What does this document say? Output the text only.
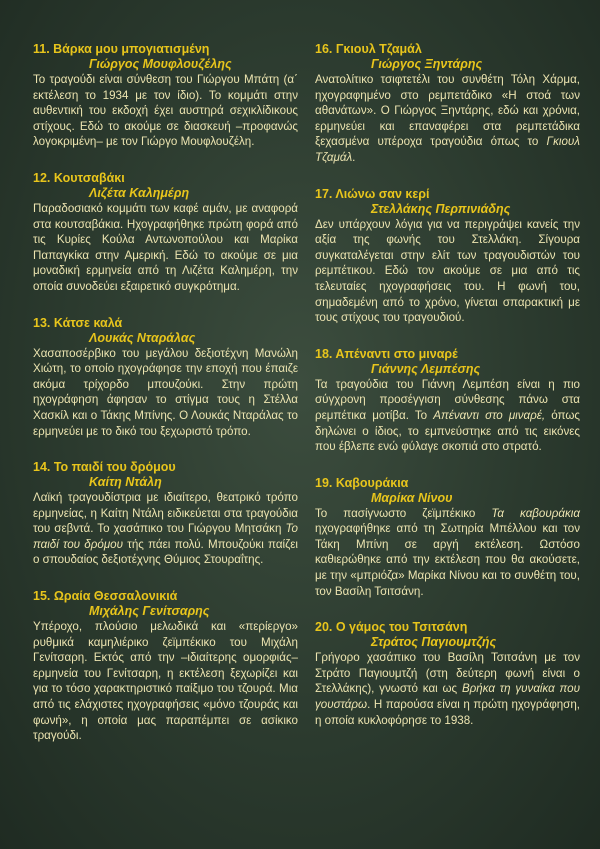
11. Βάρκα μου μπογιατισμένη
Γιώργος Μουφλουζέλης

Το τραγούδι είναι σύνθεση του Γιώργου Μπάτη (α΄ εκτέλεση το 1934 με τον ίδιο). Το κομμάτι στην αυθεντική του εκδοχή έχει αυστηρά σεχικλίδικους στίχους. Εδώ το ακούμε σε διασκευή –προφανώς λογοκριμένη– με τον Γιώργο Μουφλουζέλη.

12. Κουτσαβάκι
Λιζέτα Καλημέρη

Παραδοσιακό κομμάτι των καφέ αμάν, με αναφορά στα κουτσαβάκια. Ηχογραφήθηκε πρώτη φορά από τις Κυρίες Κούλα Αντωνοπούλου και Μαρίκα Παπαγκίκα στην Αμερική. Εδώ το ακούμε σε μια μοναδική ερμηνεία από τη Λιζέτα Καλημέρη, την οποία συνοδεύει εξαιρετικό συγκρότημα.

13. Κάτσε καλά
Λουκάς Νταράλας

Χασαποσέρβικο του μεγάλου δεξιοτέχνη Μανώλη Χιώτη, το οποίο ηχογράφησε την εποχή που έπαιζε ακόμα τρίχορδο μπουζούκι. Στην πρώτη ηχογράφηση άφησαν το στίγμα τους η Στέλλα Χασκίλ και ο Τάκης Μπίνης. Ο Λουκάς Νταράλας το ερμηνεύει με το δικό του ξεχωριστό τρόπο.

14. Το παιδί του δρόμου
Καίτη Ντάλη

Λαϊκή τραγουδίστρια με ιδιαίτερο, θεατρικό τρόπο ερμηνείας, η Καίτη Ντάλη ειδικεύεται στα τραγούδια του σεβντά. Το χασάπικο του Γιώργου Μητσάκη Το παιδί του δρόμου τής πάει πολύ. Μπουζούκι παίζει ο σπουδαίος δεξιοτέχνης Θύμιος Στουραΐτης.

15. Ωραία Θεσσαλονικιά
Μιχάλης Γενίτσαρης

Υπέροχο, πλούσιο μελωδικά και «περίεργο» ρυθμικά καμηλιέρικο ζεϊμπέκικο του Μιχάλη Γενίτσαρη. Εκτός από την –ιδιαίτερης ομορφιάς– ερμηνεία του Γενίτσαρη, η εκτέλεση ξεχωρίζει και για το τόσο χαρακτηριστικό παίξιμο του τζουρά. Μια από τις ελάχιστες ηχογραφήσεις «μόνο τζουράς και φωνή», η οποία μας παραπέμπει σε ασίκικο τραγούδι.

16. Γκιουλ Τζαμάλ
Γιώργος Ξηντάρης

Ανατολίτικο τσιφτετέλι του συνθέτη Τόλη Χάρμα, ηχογραφημένο στο ρεμπετάδικο «Η στοά των αθανάτων». Ο Γιώργος Ξηντάρης, εδώ και χρόνια, ερμηνεύει και επαναφέρει στα ρεμπετάδικα ξεχασμένα υπέροχα τραγούδια όπως το Γκιουλ Τζαμάλ.

17. Λιώνω σαν κερί
Στελλάκης Περπινιάδης

Δεν υπάρχουν λόγια για να περιγράψει κανείς την αξία της φωνής του Στελλάκη. Σίγουρα συγκαταλέγεται στην ελίτ των τραγουδιστών του ρεμπέτικου. Εδώ τον ακούμε σε μια από τις τελευταίες ηχογραφήσεις του. Η φωνή του, σημαδεμένη από το χρόνο, γίνεται σπαρακτική με τους στίχους του τραγουδιού.

18. Απέναντι στο μιναρέ
Γιάννης Λεμπέσης

Τα τραγούδια του Γιάννη Λεμπέση είναι η πιο σύγχρονη προσέγγιση σύνθεσης πάνω στα ρεμπέτικα μοτίβα. Το Απέναντι στο μιναρέ, όπως δηλώνει ο ίδιος, το εμπνεύστηκε από τις εικόνες που έβλεπε ενώ φύλαγε σκοπιά στο στρατό.

19. Καβουράκια
Μαρίκα Νίνου

Το πασίγνωστο ζεϊμπέκικο Τα καβουράκια ηχογραφήθηκε από τη Σωτηρία Μπέλλου και τον Τάκη Μπίνη σε αργή εκτέλεση. Ωστόσο καθιερώθηκε από την εκτέλεση που θα ακούσετε, με την «μπριόζα» Μαρίκα Νίνου και το συνθέτη του, τον Βασίλη Τσιτσάνη.

20. Ο γάμος του Τσιτσάνη
Στράτος Παγιουμτζής

Γρήγορο χασάπικο του Βασίλη Τσιτσάνη με τον Στράτο Παγιουμτζή (στη δεύτερη φωνή είναι ο Στελλάκης), γνωστό και ως Βρήκα τη γυναίκα που γουστάρω. Η παρούσα είναι η πρώτη ηχογράφηση, η οποία κυκλοφόρησε το 1938.
